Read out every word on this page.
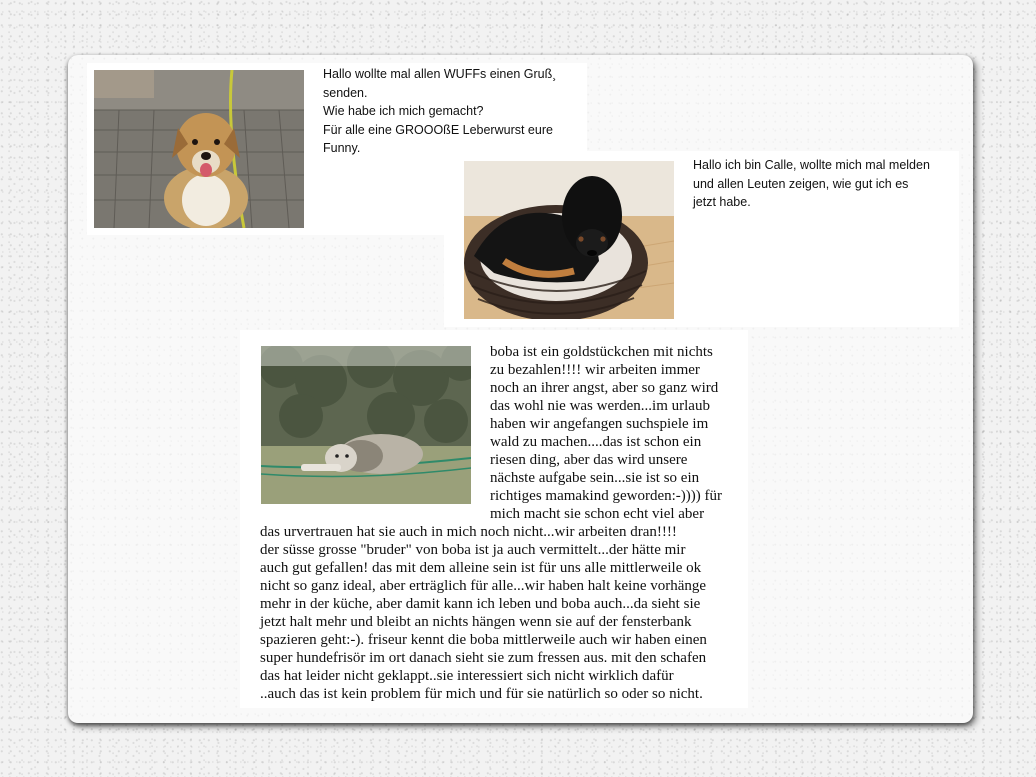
Hallo wollte mal allen WUFFs einen Gruß¸
senden.
Wie habe ich mich gemacht?
Für alle eine GROOOßE Leberwurst eure
Funny.
Hallo ich bin Calle, wollte mich mal melden
und allen Leuten zeigen, wie gut ich es
jetzt habe.
boba ist ein goldstückchen mit nichts
zu bezahlen!!!! wir arbeiten immer
noch an ihrer angst, aber so ganz wird
das wohl nie was werden...im urlaub
haben wir angefangen suchspiele im
wald zu machen....das ist schon ein
riesen ding, aber das wird unsere
nächste aufgabe sein...sie ist so ein
richtiges mamakind geworden:-)))) für
mich macht sie schon echt viel aber
das urvertrauen hat sie auch in mich noch nicht...wir arbeiten dran!!!!
der süsse grosse "bruder" von boba ist ja auch vermittelt...der hätte mir
auch gut gefallen! das mit dem alleine sein ist für uns alle mittlerweile ok
nicht so ganz ideal, aber erträglich für alle...wir haben halt keine vorhänge
mehr in der küche, aber damit kann ich leben und boba auch...da sieht sie
jetzt halt mehr und bleibt an nichts hängen wenn sie auf der fensterbank
spazieren geht:-). friseur kennt die boba mittlerweile auch wir haben einen
super hundefrisör im ort danach sieht sie zum fressen aus. mit den schafen
das hat leider nicht geklappt..sie interessiert sich nicht wirklich dafür
..auch das ist kein problem für mich und für sie natürlich so oder so nicht.
